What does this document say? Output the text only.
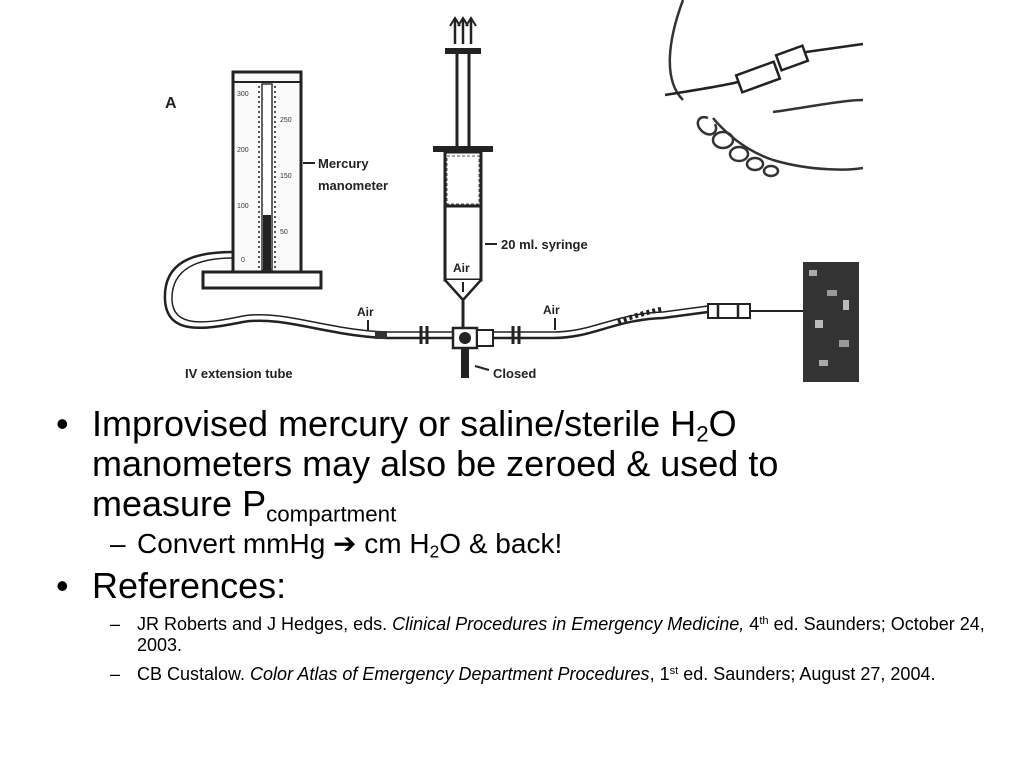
A
300
200
100
0
250
150
50
Mercury
manometer
Closed
Air
20 ml. syringe
Air	Air
IV extension tube
• Improvised mercury or saline/sterile $H_2O$
manometers may also be zeroed & used to
measure $P_{compartment}$
– Convert mmHg ➔ cm $H_2O$ & back!
• References:
– JR Roberts and J Hedges, eds. Clinical Procedures in Emergency Medicine, 4th ed. Saunders; October 24, 2003.
– CB Custalow. Color Atlas of Emergency Department Procedures, 1st ed. Saunders; August 27, 2004.
